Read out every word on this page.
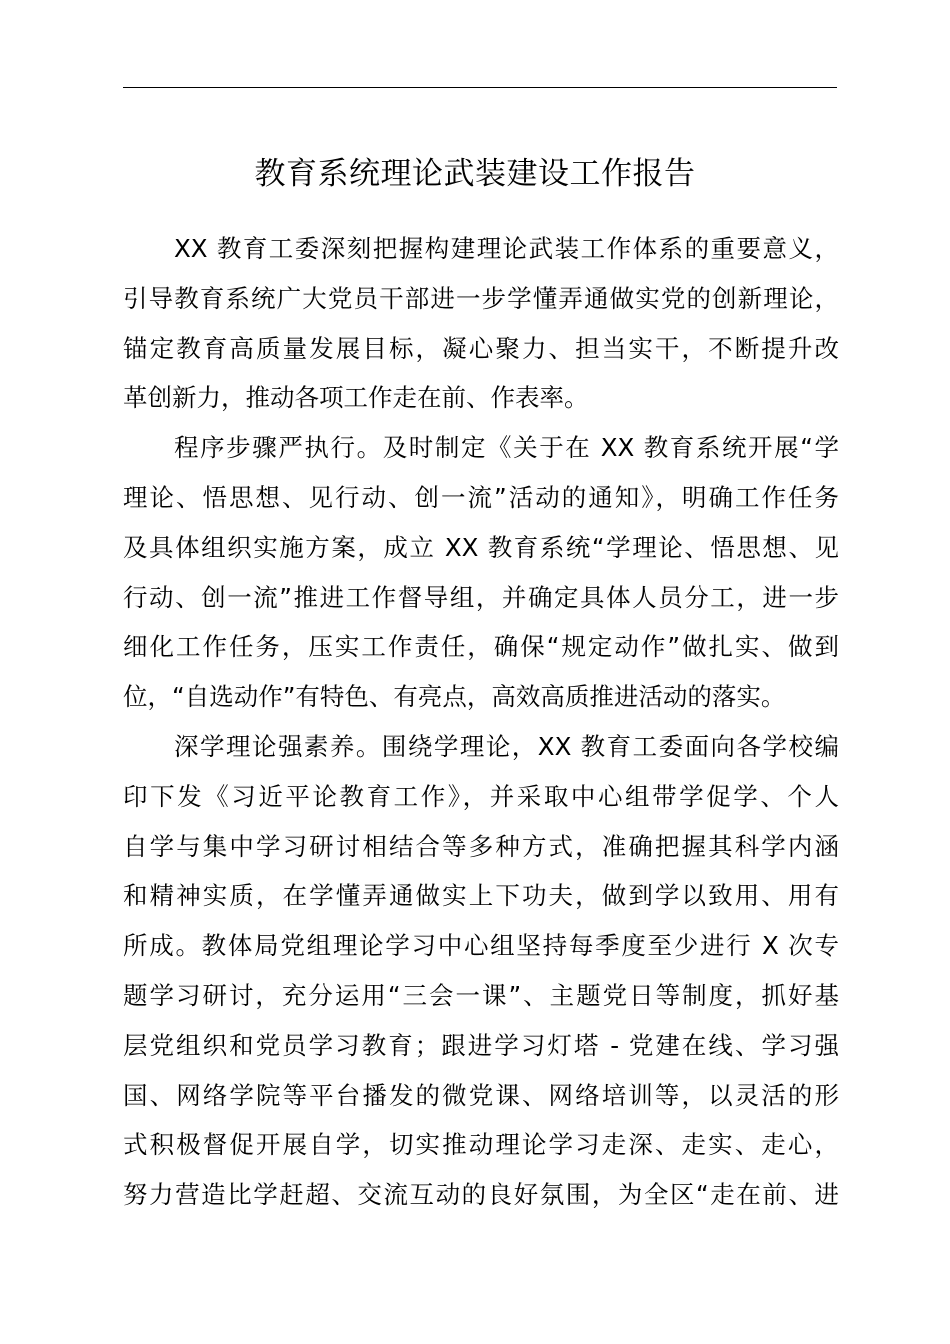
教育系统理论武装建设工作报告
XX 教育工委深刻把握构建理论武装工作体系的重要意义，
引导教育系统广大党员干部进一步学懂弄通做实党的创新理论，
锚定教育高质量发展目标，凝心聚力、担当实干，不断提升改
革创新力，推动各项工作走在前、作表率。
程序步骤严执行。及时制定《关于在 XX 教育系统开展“学
理论、悟思想、见行动、创一流”活动的通知》，明确工作任务
及具体组织实施方案，成立 XX 教育系统“学理论、悟思想、见
行动、创一流”推进工作督导组，并确定具体人员分工，进一步
细化工作任务，压实工作责任，确保“规定动作”做扎实、做到
位，“自选动作”有特色、有亮点，高效高质推进活动的落实。
深学理论强素养。围绕学理论，XX 教育工委面向各学校编
印下发《习近平论教育工作》，并采取中心组带学促学、个人
自学与集中学习研讨相结合等多种方式，准确把握其科学内涵
和精神实质，在学懂弄通做实上下功夫，做到学以致用、用有
所成。教体局党组理论学习中心组坚持每季度至少进行 X 次专
题学习研讨，充分运用“三会一课”、主题党日等制度，抓好基
层党组织和党员学习教育；跟进学习灯塔 - 党建在线、学习强
国、网络学院等平台播发的微党课、网络培训等，以灵活的形
式积极督促开展自学，切实推动理论学习走深、走实、走心，
努力营造比学赶超、交流互动的良好氛围，为全区“走在前、进
